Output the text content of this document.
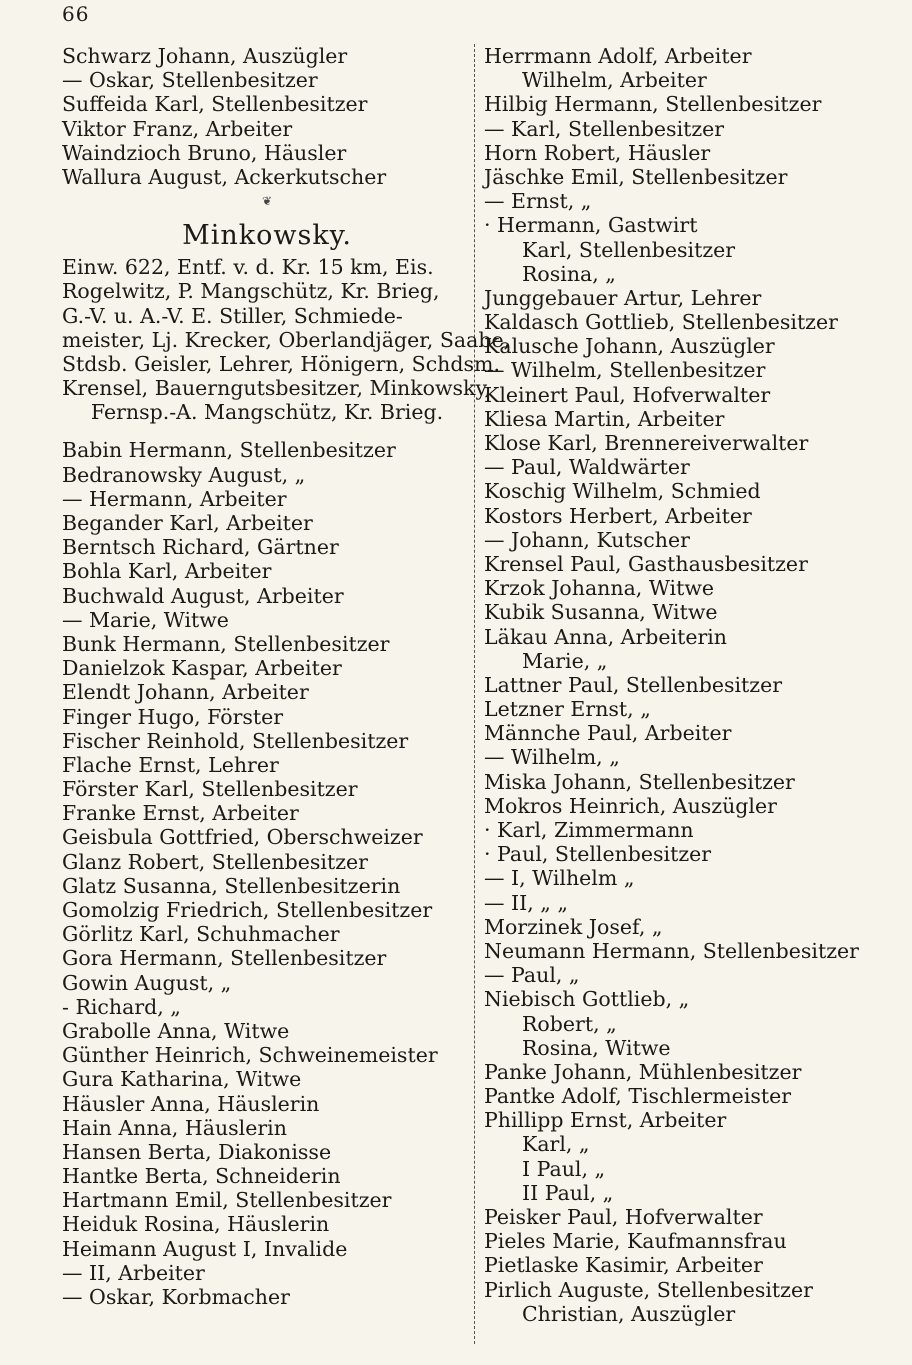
66
Schwarz Johann, Auszügler
— Oskar, Stellenbesitzer
Suffeida Karl, Stellenbesitzer
Viktor Franz, Arbeiter
Waindzioch Bruno, Häusler
Wallura August, Ackerkutscher
❦
Minkowsky.
Einw. 622, Entf. v. d. Kr. 15 km, Eis.
Rogelwitz, P. Mangschütz, Kr. Brieg,
G.-V. u. A.-V. E. Stiller, Schmiede-
meister, Lj. Krecker, Oberlandjäger, Saabe,
Stdsb. Geisler, Lehrer, Hönigern, Schdsm.
Krensel, Bauerngutsbesitzer, Minkowsky,
Fernsp.-A. Mangschütz, Kr. Brieg.
Babin Hermann, Stellenbesitzer
Bedranowsky August, „
— Hermann, Arbeiter
Begander Karl, Arbeiter
Berntsch Richard, Gärtner
Bohla Karl, Arbeiter
Buchwald August, Arbeiter
— Marie, Witwe
Bunk Hermann, Stellenbesitzer
Danielzok Kaspar, Arbeiter
Elendt Johann, Arbeiter
Finger Hugo, Förster
Fischer Reinhold, Stellenbesitzer
Flache Ernst, Lehrer
Förster Karl, Stellenbesitzer
Franke Ernst, Arbeiter
Geisbula Gottfried, Oberschweizer
Glanz Robert, Stellenbesitzer
Glatz Susanna, Stellenbesitzerin
Gomolzig Friedrich, Stellenbesitzer
Görlitz Karl, Schuhmacher
Gora Hermann, Stellenbesitzer
Gowin August, „
- Richard, „
Grabolle Anna, Witwe
Günther Heinrich, Schweinemeister
Gura Katharina, Witwe
Häusler Anna, Häuslerin
Hain Anna, Häuslerin
Hansen Berta, Diakonisse
Hantke Berta, Schneiderin
Hartmann Emil, Stellenbesitzer
Heiduk Rosina, Häuslerin
Heimann August I, Invalide
— II, Arbeiter
— Oskar, Korbmacher
Herrmann Adolf, Arbeiter
Wilhelm, Arbeiter
Hilbig Hermann, Stellenbesitzer
— Karl, Stellenbesitzer
Horn Robert, Häusler
Jäschke Emil, Stellenbesitzer
— Ernst, „
· Hermann, Gastwirt
Karl, Stellenbesitzer
Rosina, „
Junggebauer Artur, Lehrer
Kaldasch Gottlieb, Stellenbesitzer
Kalusche Johann, Auszügler
— Wilhelm, Stellenbesitzer
Kleinert Paul, Hofverwalter
Kliesa Martin, Arbeiter
Klose Karl, Brennereiverwalter
— Paul, Waldwärter
Koschig Wilhelm, Schmied
Kostors Herbert, Arbeiter
— Johann, Kutscher
Krensel Paul, Gasthausbesitzer
Krzok Johanna, Witwe
Kubik Susanna, Witwe
Läkau Anna, Arbeiterin
Marie, „
Lattner Paul, Stellenbesitzer
Letzner Ernst, „
Männche Paul, Arbeiter
— Wilhelm, „
Miska Johann, Stellenbesitzer
Mokros Heinrich, Auszügler
· Karl, Zimmermann
· Paul, Stellenbesitzer
— I, Wilhelm „
— II, „ „
Morzinek Josef, „
Neumann Hermann, Stellenbesitzer
— Paul, „
Niebisch Gottlieb, „
Robert, „
Rosina, Witwe
Panke Johann, Mühlenbesitzer
Pantke Adolf, Tischlermeister
Phillipp Ernst, Arbeiter
Karl, „
I Paul, „
II Paul, „
Peisker Paul, Hofverwalter
Pieles Marie, Kaufmannsfrau
Pietlaske Kasimir, Arbeiter
Pirlich Auguste, Stellenbesitzer
Christian, Auszügler
